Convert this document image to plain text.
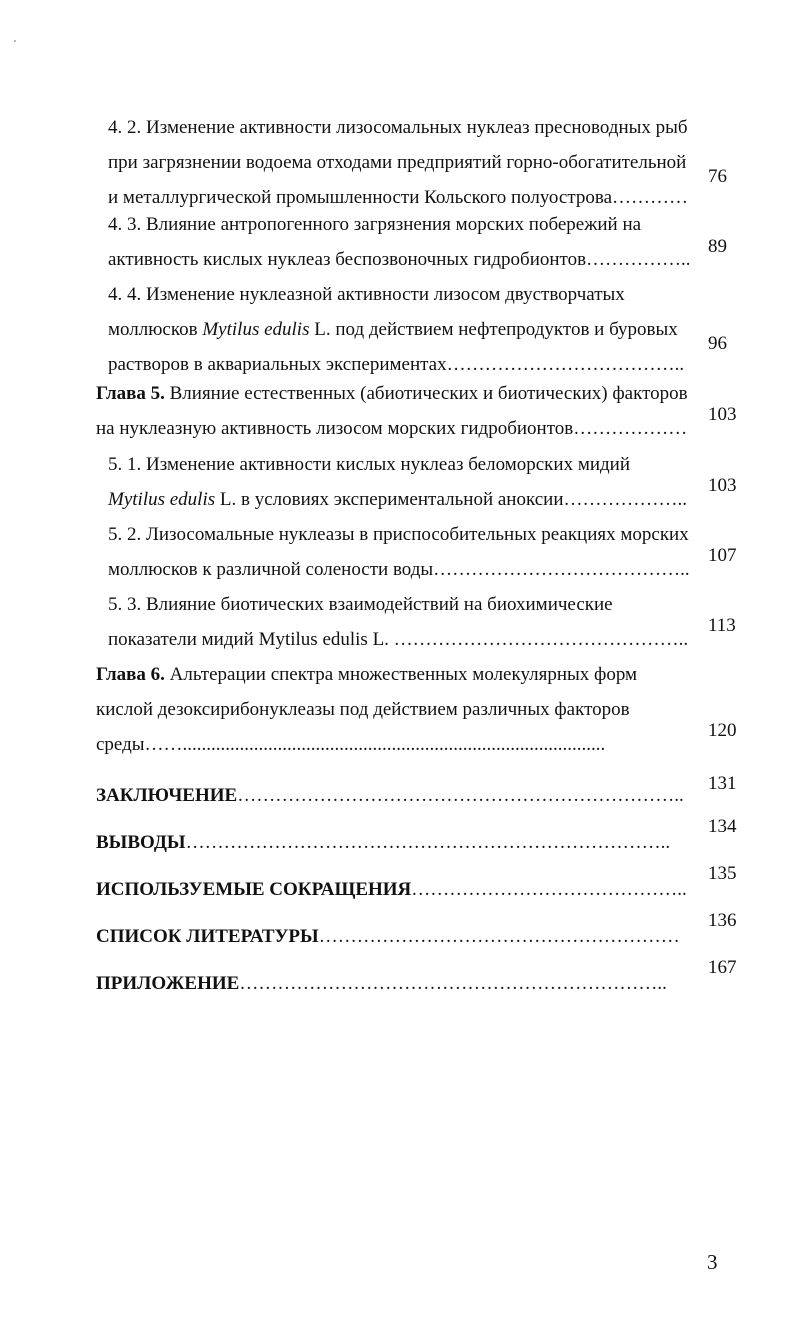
4. 2. Изменение активности лизосомальных нуклеаз пресноводных рыб
при загрязнении водоема отходами предприятий горно-обогатительной
и металлургической промышленности Кольского полуострова…………
76
4. 3. Влияние антропогенного загрязнения морских побережий на
активность кислых нуклеаз беспозвоночных гидробионтов……………..
89
4. 4. Изменение нуклеазной активности лизосом двустворчатых
моллюсков Mytilus edulis L. под действием нефтепродуктов и буровых
растворов в аквариальных экспериментах………………………………..
96
Глава 5. Влияние естественных (абиотических и биотических) факторов
на нуклеазную активность лизосом морских гидробионтов………………
103
5. 1. Изменение активности кислых нуклеаз беломорских мидий
Mytilus edulis L. в условиях экспериментальной аноксии………………..
103
5. 2. Лизосомальные нуклеазы в приспособительных реакциях морских
моллюсков к различной солености воды…………………………………..
107
5. 3. Влияние биотических взаимодействий на биохимические
показатели мидий Mytilus edulis L. ………………………………………..
113
Глава 6. Альтерации спектра множественных молекулярных форм
кислой дезоксирибонуклеазы под действием различных факторов
среды…….........................................................................................
120
ЗАКЛЮЧЕНИЕ……………………………………………………………..
131
ВЫВОДЫ…………………………………………………………………..
134
ИСПОЛЬЗУЕМЫЕ СОКРАЩЕНИЯ……………………………………..
135
СПИСОК ЛИТЕРАТУРЫ…………………………………………………
136
ПРИЛОЖЕНИЕ…………………………………………………………..
167
3
